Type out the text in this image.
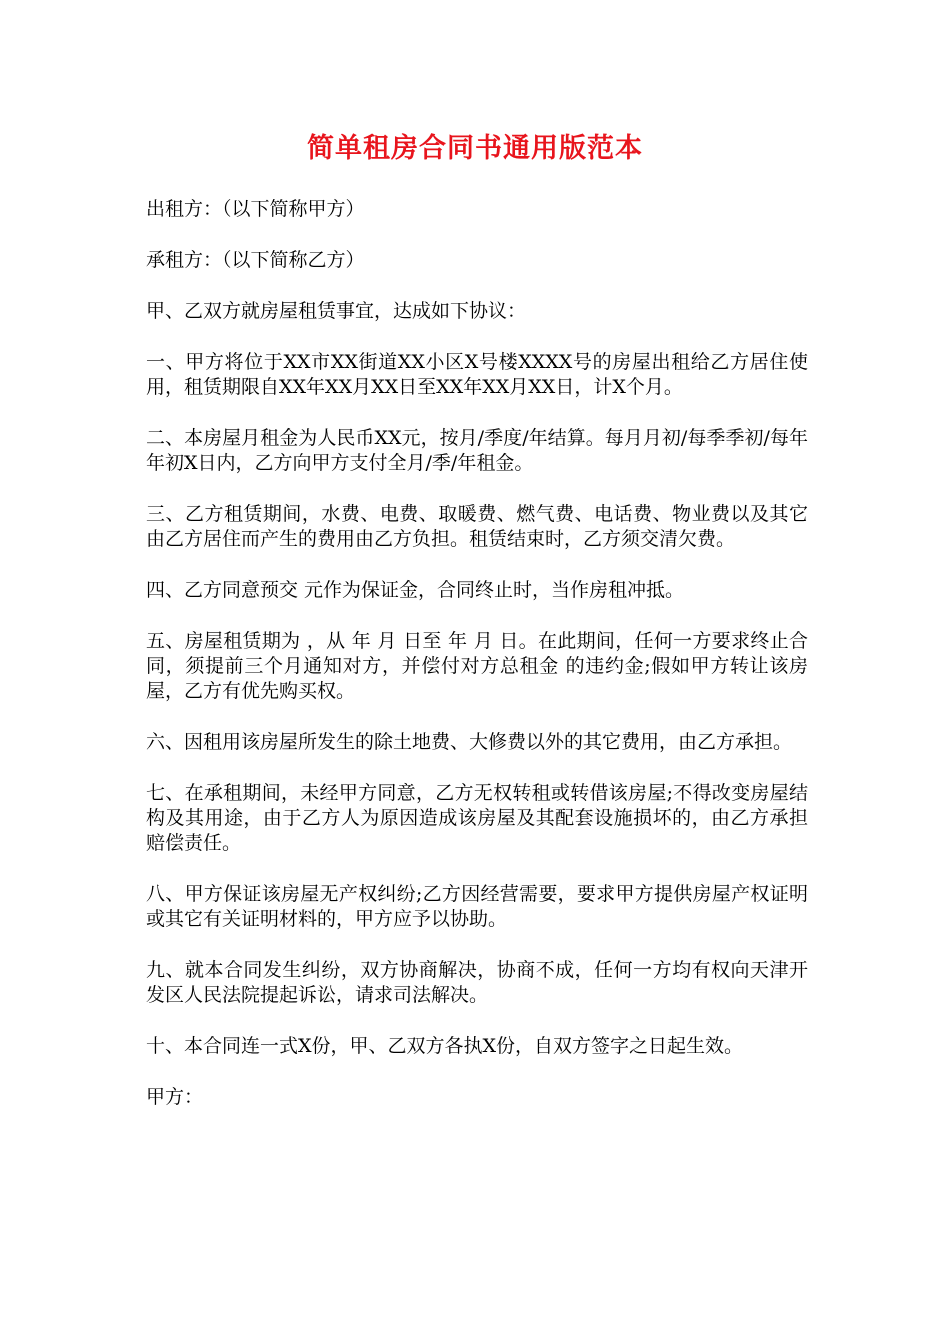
简单租房合同书通用版范本

出租方：（以下简称甲方）

承租方：（以下简称乙方）

甲、乙双方就房屋租赁事宜，达成如下协议：

一、甲方将位于XX市XX街道XX小区X号楼XXXX号的房屋出租给乙方居住使用，租赁期限自XX年XX月XX日至XX年XX月XX日，计X个月。

二、本房屋月租金为人民币XX元，按月/季度/年结算。每月月初/每季季初/每年年初X日内，乙方向甲方支付全月/季/年租金。

三、乙方租赁期间，水费、电费、取暖费、燃气费、电话费、物业费以及其它由乙方居住而产生的费用由乙方负担。租赁结束时，乙方须交清欠费。

四、乙方同意预交 元作为保证金，合同终止时，当作房租冲抵。

五、房屋租赁期为 ，从 年 月 日至 年 月 日。在此期间，任何一方要求终止合同，须提前三个月通知对方，并偿付对方总租金 的违约金;假如甲方转让该房屋，乙方有优先购买权。

六、因租用该房屋所发生的除土地费、大修费以外的其它费用，由乙方承担。

七、在承租期间，未经甲方同意，乙方无权转租或转借该房屋;不得改变房屋结构及其用途，由于乙方人为原因造成该房屋及其配套设施损坏的，由乙方承担赔偿责任。

八、甲方保证该房屋无产权纠纷;乙方因经营需要，要求甲方提供房屋产权证明或其它有关证明材料的，甲方应予以协助。

九、就本合同发生纠纷，双方协商解决，协商不成，任何一方均有权向天津开发区人民法院提起诉讼，请求司法解决。

十、本合同连一式X份，甲、乙双方各执X份，自双方签字之日起生效。

甲方：
